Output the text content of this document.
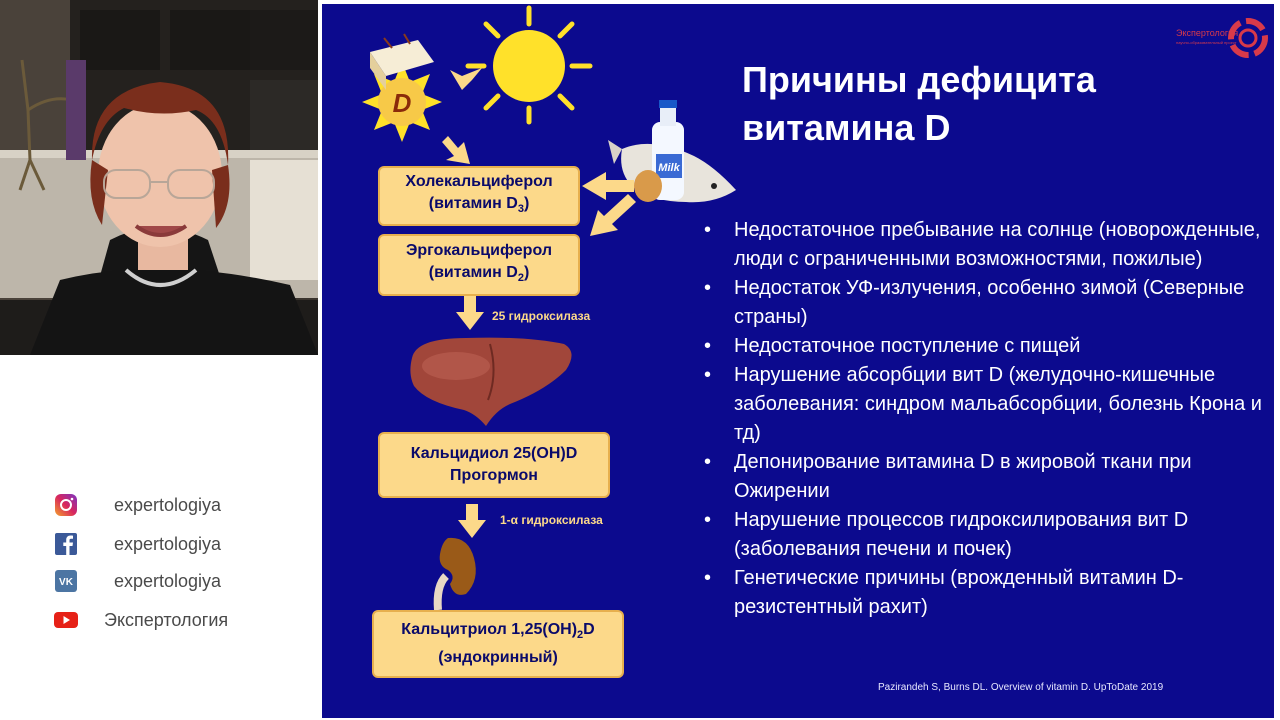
expertologiya
expertologiya
VK expertologiya
Экспертология
Экспертология
научно-образовательный проект
D
Milk
Холекальциферол
(витамин $D_3$)
Эргокальциферол
(витамин $D_2$)
25 гидроксилаза
Кальцидиол 25(OH)D
Прогормон
1-α гидроксилаза
Кальцитриол $1,25(OH)_2D$
(эндокринный)
Причины дефицита витамина D
• Недостаточное пребывание на солнце (новорожденные, люди с ограниченными возможностями, пожилые)
• Недостаток УФ-излучения, особенно зимой (Северные страны)
• Недостаточное поступление с пищей
• Нарушение абсорбции вит D (желудочно-кишечные заболевания: синдром мальабсорбции, болезнь Крона и тд)
• Депонирование витамина D в жировой ткани при Ожирении
• Нарушение процессов гидроксилирования вит D (заболевания печени и почек)
• Генетические причины (врожденный витамин D-резистентный рахит)
Pazirandeh S, Burns DL. Overview of vitamin D. UpToDate 2019
